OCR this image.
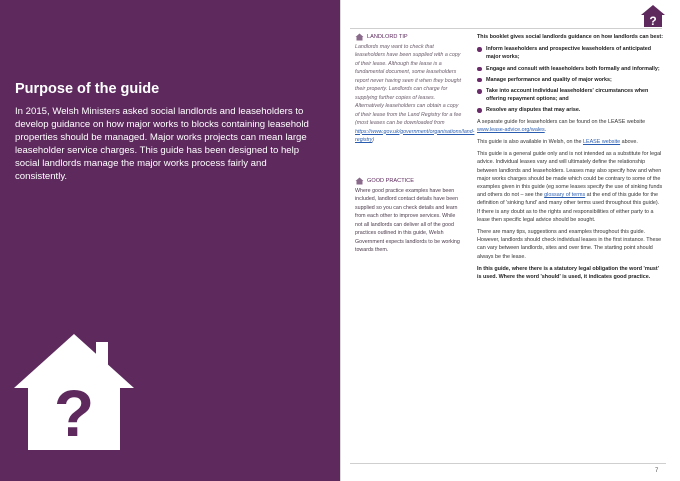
Purpose of the guide

In 2015, Welsh Ministers asked social landlords and leaseholders to develop guidance on how major works to blocks containing leasehold properties should be managed. Major works projects can mean large leaseholder service charges. This guide has been designed to help social landlords manage the major works process fairly and consistently.

?
?
LANDLORD TIP
Landlords may want to check that leaseholders have been supplied with a copy of their lease. Although the lease is a fundamental document, some leaseholders report never having seen it when they bought their property. Landlords can charge for supplying further copies of leases. Alternatively leaseholders can obtain a copy of their lease from the Land Registry for a fee (most leases can be downloaded from https://www.gov.uk/government/organisations/land-registry)
GOOD PRACTICE
Where good practice examples have been included, landlord contact details have been supplied so you can check details and learn from each other to improve services. While not all landlords can deliver all of the good practices outlined in this guide, Welsh Government expects landlords to be working towards them.

This booklet gives social landlords guidance on how landlords can best:

Inform leaseholders and prospective leaseholders of anticipated major works;
Engage and consult with leaseholders both formally and informally;
Manage performance and quality of major works;
Take into account individual leaseholders' circumstances when offering repayment options; and
Resolve any disputes that may arise.

A separate guide for leaseholders can be found on the LEASE website www.lease-advice.org/wales.

This guide is also available in Welsh, on the LEASE website above.

This guide is a general guide only and is not intended as a substitute for legal advice. Individual leases vary and will ultimately define the relationship between landlords and leaseholders. Leases may also specify how and when major works charges should be made which could be contrary to some of the examples given in this guide (eg some leases specify the use of sinking funds and others do not – see the glossary of terms at the end of this guide for the definition of 'sinking fund' and many other terms used throughout this guide). If there is any doubt as to the rights and responsibilities of either party to a lease then specific legal advice should be sought.

There are many tips, suggestions and examples throughout this guide. However, landlords should check individual leases in the first instance. These can vary between landlords, sites and over time. The starting point should always be the lease.

In this guide, where there is a statutory legal obligation the word 'must' is used. Where the word 'should' is used, it indicates good practice.

7
